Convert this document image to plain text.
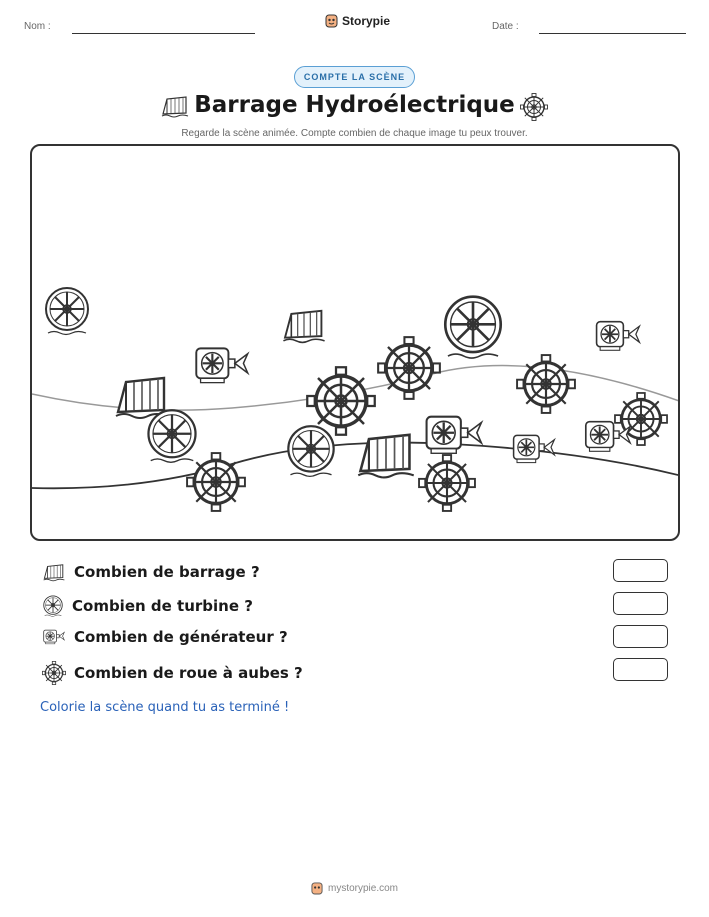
Nom :	Storypie	Date :
COMPTE LA SCÈNE
Barrage Hydroélectrique
Regarde la scène animée. Compte combien de chaque image tu peux trouver.
Combien de barrage ?
Combien de turbine ?
Combien de générateur ?
Combien de roue à aubes ?
Colorie la scène quand tu as terminé !
mystorypie.com
